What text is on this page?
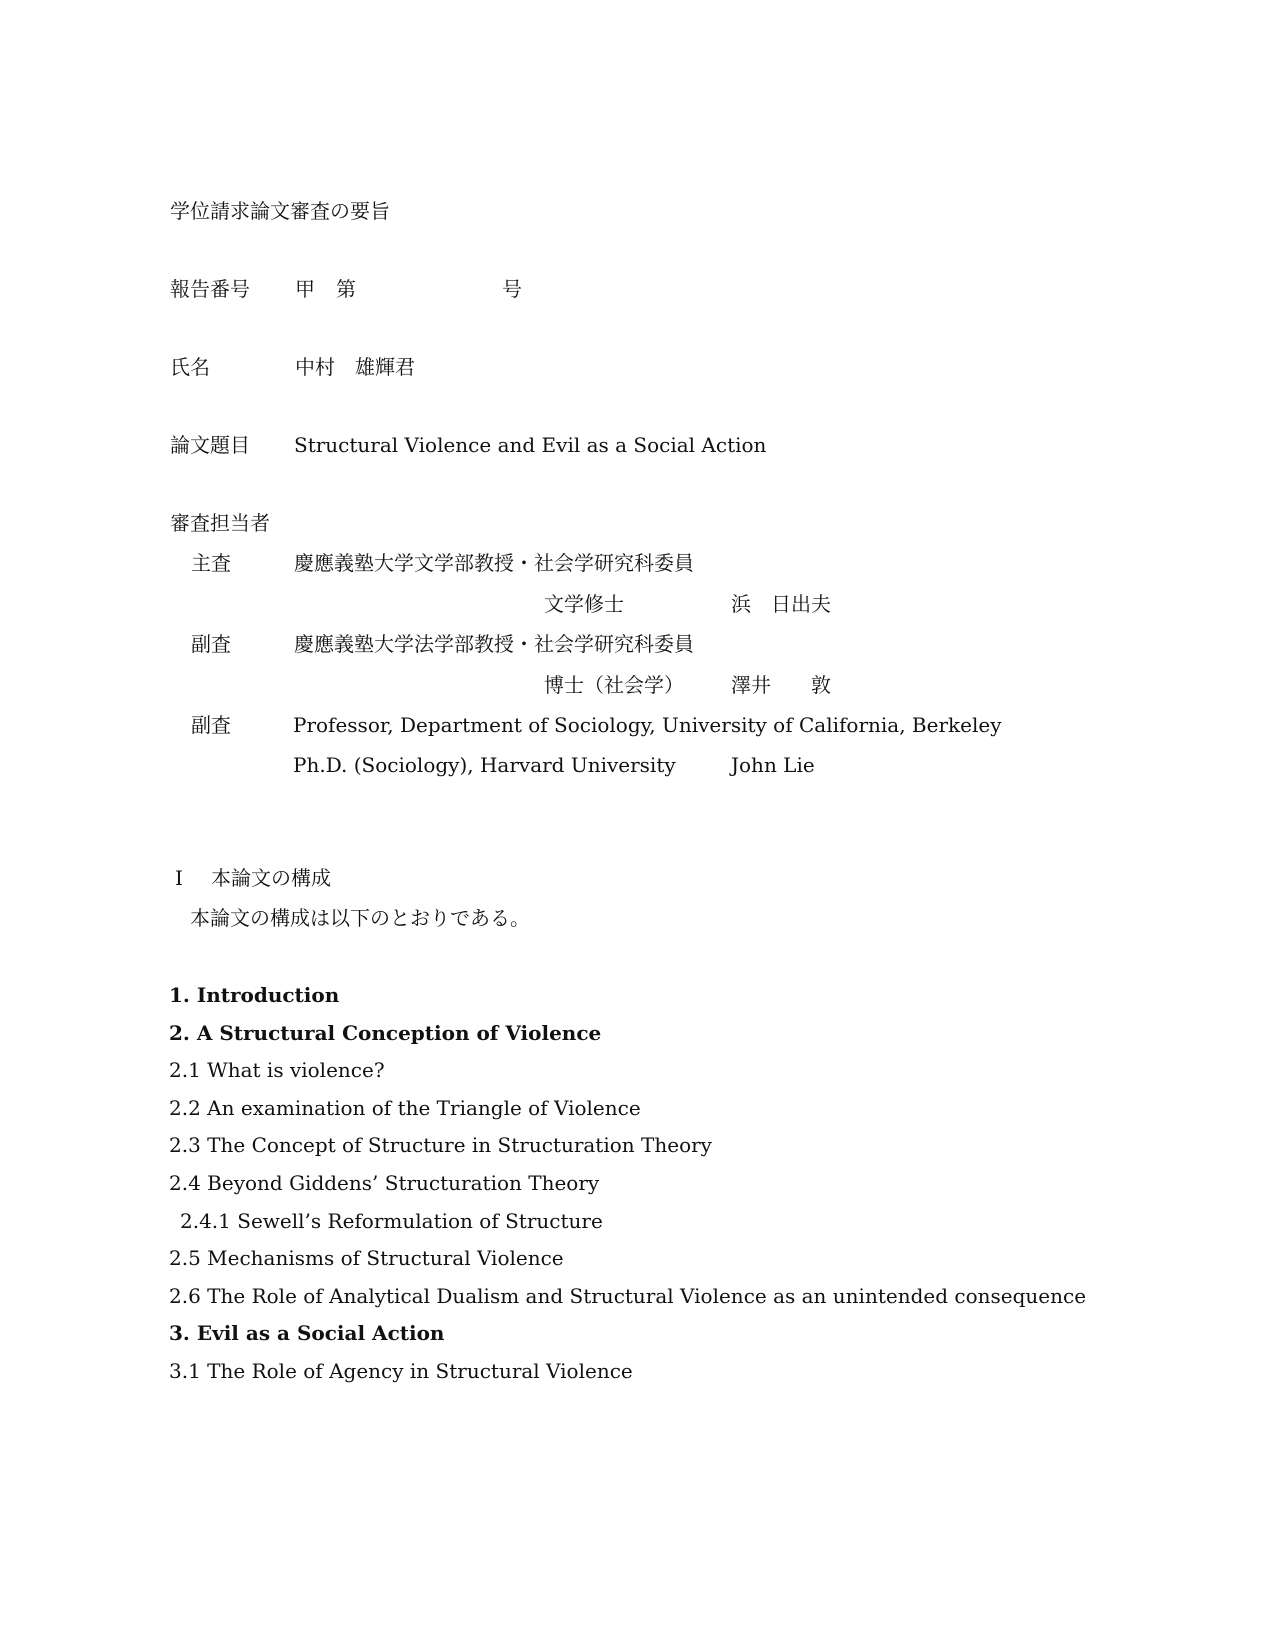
学位請求論文審査の要旨
報告番号 甲 第	号
氏名	中村　雄輝君
論文題目 Structural Violence and Evil as a Social Action
審査担当者
主査	慶應義塾大学文学部教授・社会学研究科委員
文学修士	浜　日出夫
副査	慶應義塾大学法学部教授・社会学研究科委員
博士（社会学） 澤井　　敦
副査	Professor, Department of Sociology, University of California, Berkeley
Ph.D. (Sociology), Harvard University	John Lie
Ⅰ 本論文の構成
本論文の構成は以下のとおりである。
1. Introduction
2. A Structural Conception of Violence
2.1 What is violence?
2.2 An examination of the Triangle of Violence
2.3 The Concept of Structure in Structuration Theory
2.4 Beyond Giddens’ Structuration Theory
2.4.1 Sewell’s Reformulation of Structure
2.5 Mechanisms of Structural Violence
2.6 The Role of Analytical Dualism and Structural Violence as an unintended consequence
3. Evil as a Social Action
3.1 The Role of Agency in Structural Violence
